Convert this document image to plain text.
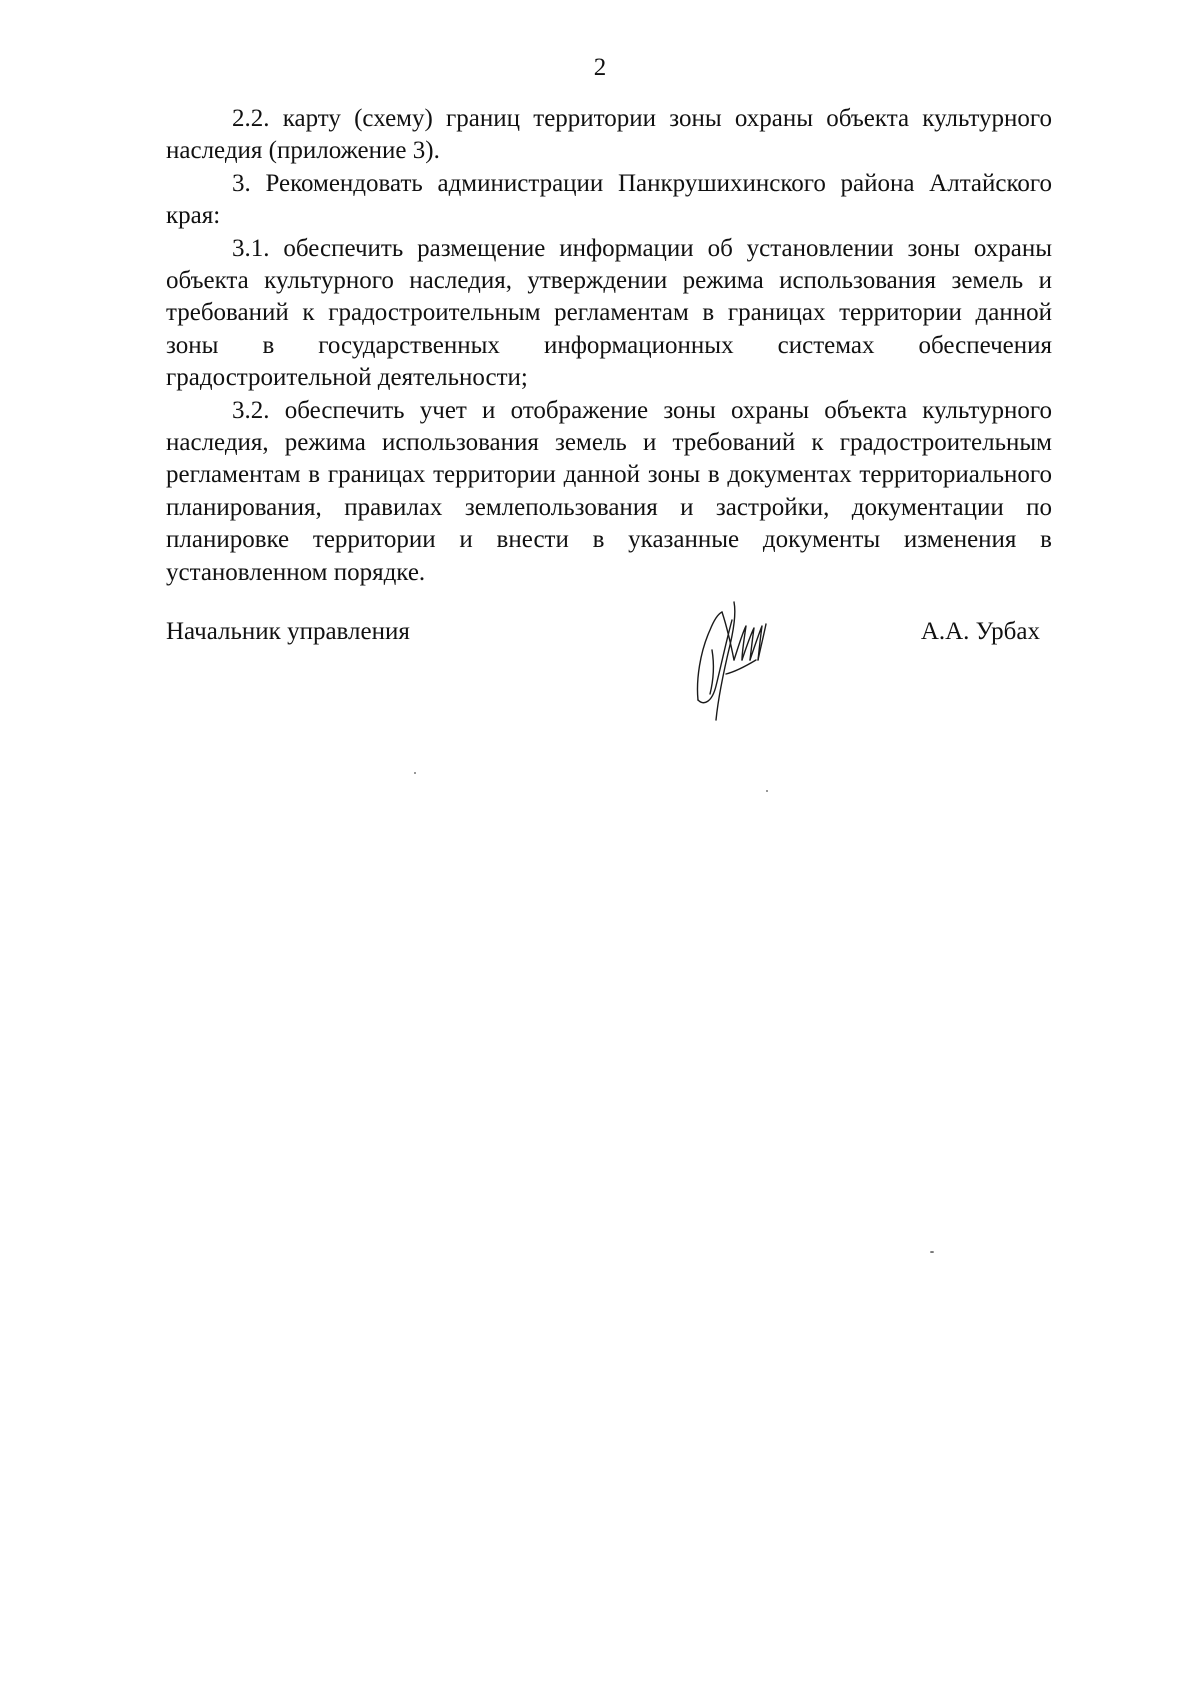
2

2.2. карту (схему) границ территории зоны охраны объекта культурного наследия (приложение 3).

3. Рекомендовать администрации Панкрушихинского района Алтайского края:

3.1. обеспечить размещение информации об установлении зоны охраны объекта культурного наследия, утверждении режима использования земель и требований к градостроительным регламентам в границах территории данной зоны в государственных информационных системах обеспечения градостроительной деятельности;

3.2. обеспечить учет и отображение зоны охраны объекта культурного наследия, режима использования земель и требований к градостроительным регламентам в границах территории данной зоны в документах территориального планирования, правилах землепользования и застройки, документации по планировке территории и внести в указанные документы изменения в установленном порядке.

Начальник управления	А.А. Урбах
